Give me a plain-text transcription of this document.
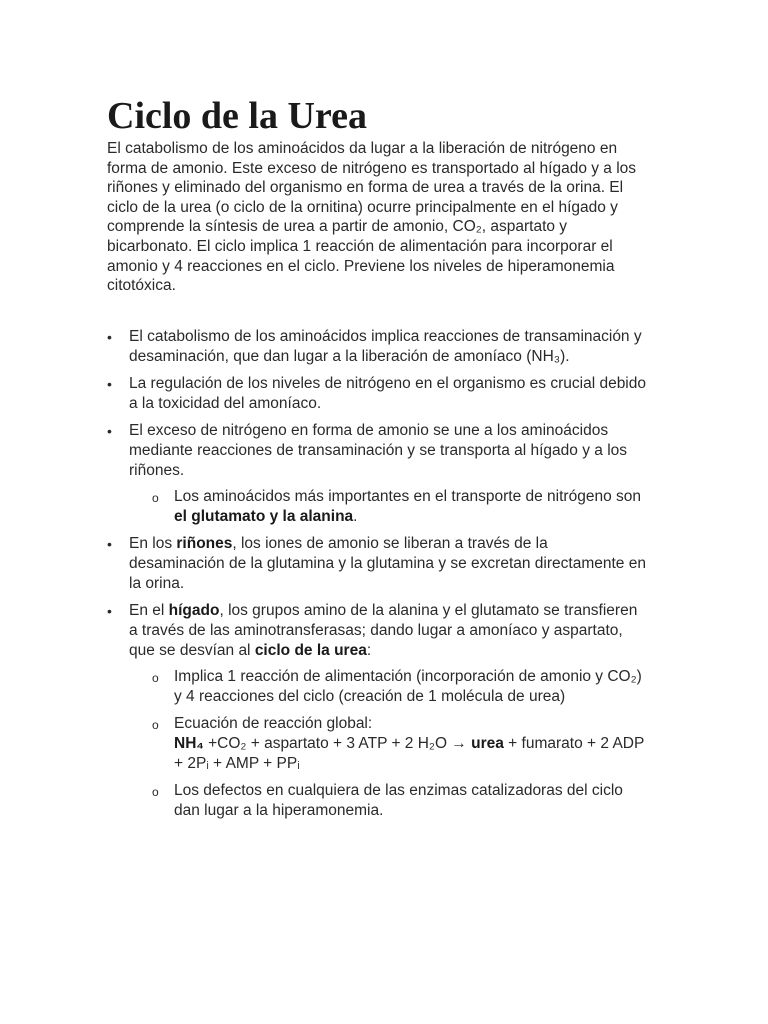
Ciclo de la Urea

El catabolismo de los aminoácidos da lugar a la liberación de nitrógeno en forma de amonio. Este exceso de nitrógeno es transportado al hígado y a los riñones y eliminado del organismo en forma de urea a través de la orina. El ciclo de la urea (o ciclo de la ornitina) ocurre principalmente en el hígado y comprende la síntesis de urea a partir de amonio, CO₂, aspartato y bicarbonato. El ciclo implica 1 reacción de alimentación para incorporar el amonio y 4 reacciones en el ciclo. Previene los niveles de hiperamonemia citotóxica.

• El catabolismo de los aminoácidos implica reacciones de transaminación y desaminación, que dan lugar a la liberación de amoníaco (NH₃).
• La regulación de los niveles de nitrógeno en el organismo es crucial debido a la toxicidad del amoníaco.
• El exceso de nitrógeno en forma de amonio se une a los aminoácidos mediante reacciones de transaminación y se transporta al hígado y a los riñones.
o Los aminoácidos más importantes en el transporte de nitrógeno son el glutamato y la alanina.
• En los riñones, los iones de amonio se liberan a través de la desaminación de la glutamina y la glutamina y se excretan directamente en la orina.
• En el hígado, los grupos amino de la alanina y el glutamato se transfieren a través de las aminotransferasas; dando lugar a amoníaco y aspartato, que se desvían al ciclo de la urea:
o Implica 1 reacción de alimentación (incorporación de amonio y CO₂) y 4 reacciones del ciclo (creación de 1 molécula de urea)
o Ecuación de reacción global:
NH₄ +CO₂ + aspartato + 3 ATP + 2 H₂O → urea + fumarato + 2 ADP + 2Pᵢ + AMP + PPᵢ
o Los defectos en cualquiera de las enzimas catalizadoras del ciclo dan lugar a la hiperamonemia.
